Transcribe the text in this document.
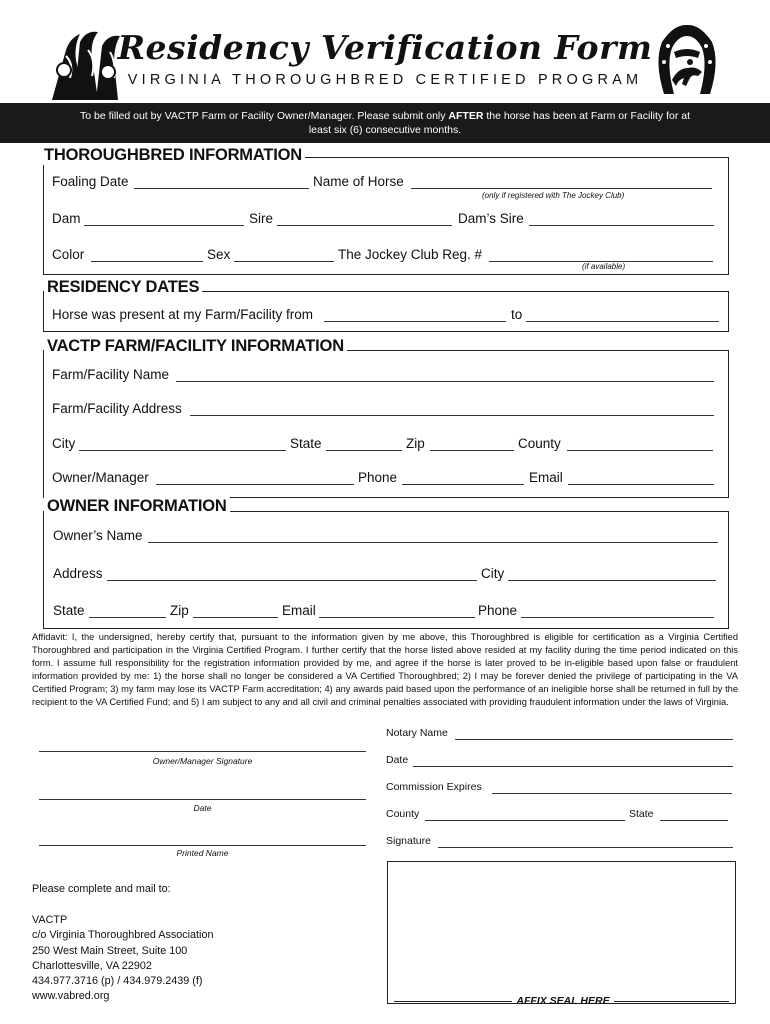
Residency Verification Form
VIRGINIA THOROUGHBRED CERTIFIED PROGRAM
To be filled out by VACTP Farm or Facility Owner/Manager. Please submit only AFTER the horse has been at Farm or Facility for at
least six (6) consecutive months.
THOROUGHBRED INFORMATION
Foaling Date	Name of Horse
(only if registered with The Jockey Club)
Dam	Sire	Dam’s Sire
Color	Sex	The Jockey Club Reg. #
(if available)
RESIDENCY DATES
Horse was present at my Farm/Facility from	to
VACTP FARM/FACILITY INFORMATION
Farm/Facility Name
Farm/Facility Address
City	State	Zip	County
Owner/Manager	Phone	Email
OWNER INFORMATION
Owner’s Name
Address	City
State	Zip	Email	Phone
Affidavit: I, the undersigned, hereby certify that, pursuant to the information given by me above, this Thoroughbred is eligible for certification as a Virginia Certified Thoroughbred and participation in the Virginia Certified Program. I further certify that the horse listed above resided at my facility during the time period indicated on this form. I assume full responsibility for the registration information provided by me, and agree if the horse is later proved to be in-eligible based upon false or fraudulent information provided by me: 1) the horse shall no longer be considered a VA Certified Thoroughbred; 2) I may be forever denied the privilege of participating in the VA Certified Program; 3) my farm may lose its VACTP Farm accreditation; 4) any awards paid based upon the performance of an ineligible horse shall be returned in full by the recipient to the VA Certified Fund; and 5) I am subject to any and all civil and criminal penalties associated with providing fraudulent information under the laws of Virginia.
Owner/Manager Signature
Date
Printed Name
Notary Name
Date
Commission Expires
County	State
Signature
Please complete and mail to:
VACTP
c/o Virginia Thoroughbred Association
250 West Main Street, Suite 100
Charlottesville, VA 22902
434.977.3716 (p) / 434.979.2439 (f)
www.vabred.org	AFFIX SEAL HERE
